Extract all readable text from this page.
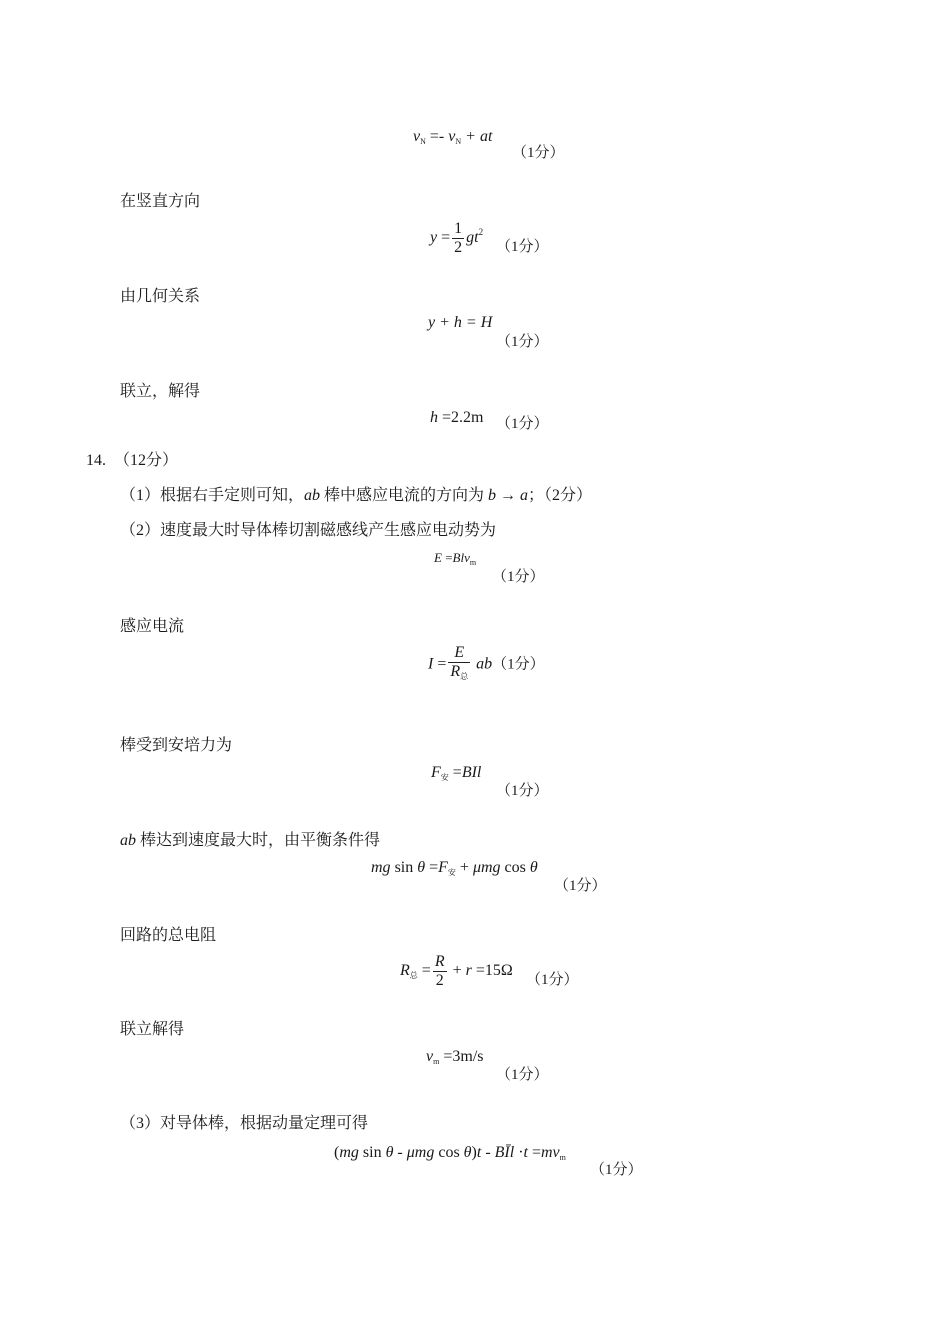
$v_N =- v_N$ + at
（1分）
在竖直方向
$y = \frac{1}{2} gt^2$
（1分）
由几何关系
y + h = H
（1分）
联立，解得
h =2.2m （1分）
14. （12分）
（1）根据右手定则可知，ab 棒中感应电流的方向为 b → a；（2分）
（2）速度最大时导体棒切割磁感线产生感应电动势为
E =Blv$_m$
（1分）
感应电流
$I = \frac{E}{R_总} ab(1$分）
棒受到安培力为
$F_安 =BIl$
（1分）
ab 棒达到速度最大时，由平衡条件得
mg $\sin \theta =F_安 + \mu mg$ cos θ
（1分）
回路的总电阻
$R_总 = \frac{R}{2} + r =15\Omega$
（1分）
联立解得
$v_m =3m/s$
（1分）
（3）对导体棒，根据动量定理可得
(mg sin θ - μmg cos θ)t - BĪl $\cdot t =mv_m$
（1分）
